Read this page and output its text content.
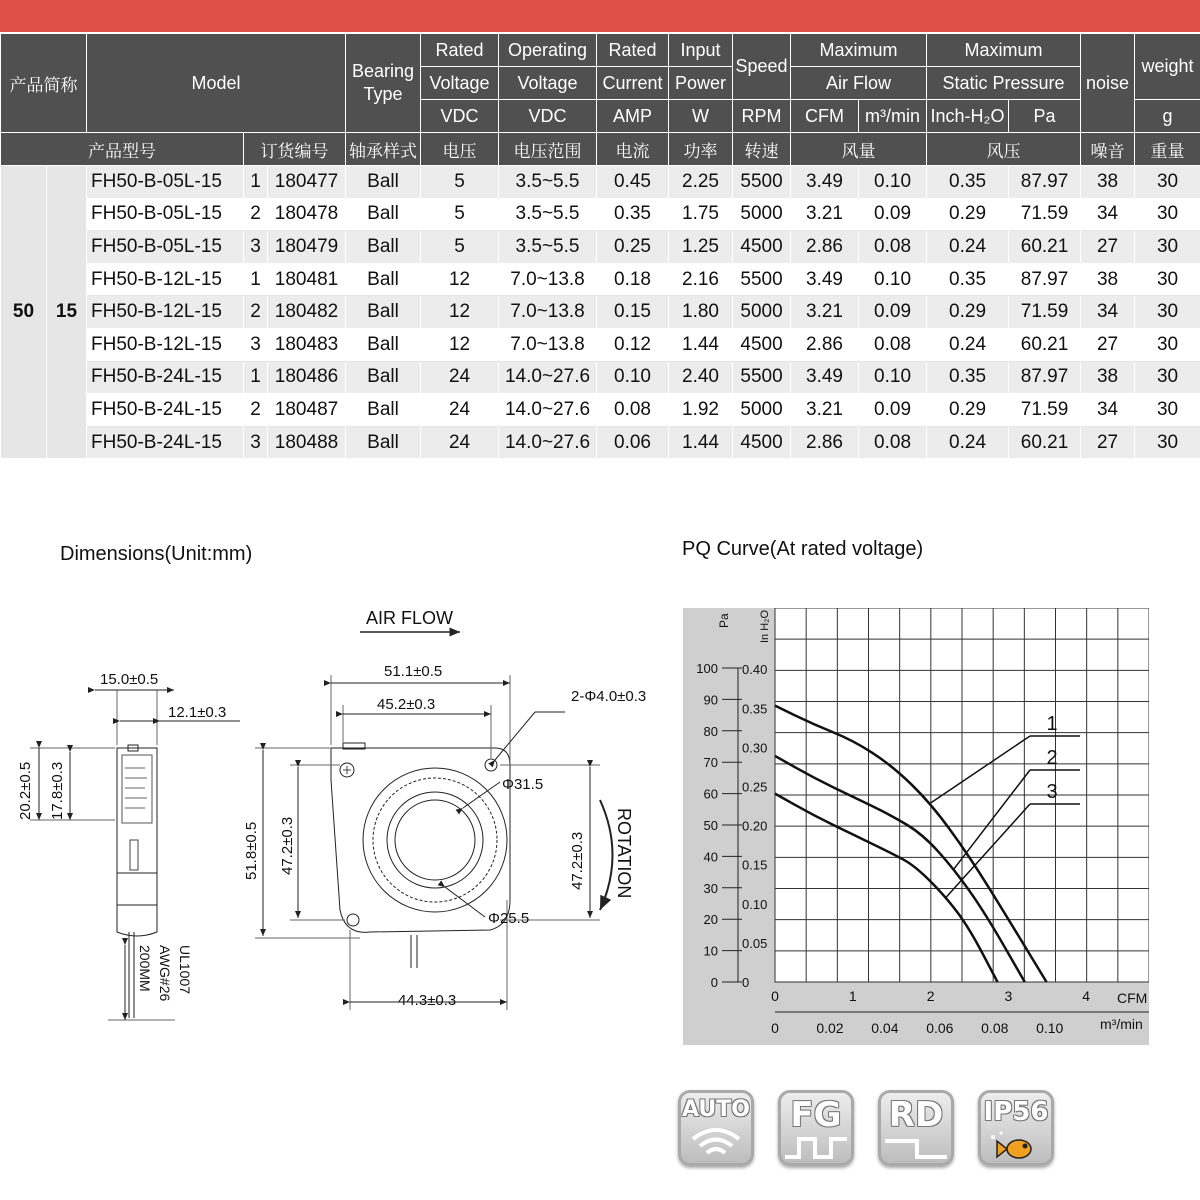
产品简称		Model			Bearing Type	Rated	Operating	Rated	Input	Speed	Maximum		Maximum		noise	weight
						Voltage	Voltage	Current	Power		Air Flow		Static Pressure			
						VDC	VDC	AMP	W	RPM	CFM	m³/min	Inch-H₂O	Pa		g
产品型号			订货编号		轴承样式	电压	电压范围	电流	功率	转速	风量		风压		噪音	重量
50	15	FH50-B-05L-15	1	180477	Ball	5	3.5~5.5	0.45	2.25	5500	3.49	0.10	0.35	87.97	38	30
		FH50-B-05L-15	2	180478	Ball	5	3.5~5.5	0.35	1.75	5000	3.21	0.09	0.29	71.59	34	30
		FH50-B-05L-15	3	180479	Ball	5	3.5~5.5	0.25	1.25	4500	2.86	0.08	0.24	60.21	27	30
		FH50-B-12L-15	1	180481	Ball	12	7.0~13.8	0.18	2.16	5500	3.49	0.10	0.35	87.97	38	30
		FH50-B-12L-15	2	180482	Ball	12	7.0~13.8	0.15	1.80	5000	3.21	0.09	0.29	71.59	34	30
		FH50-B-12L-15	3	180483	Ball	12	7.0~13.8	0.12	1.44	4500	2.86	0.08	0.24	60.21	27	30
		FH50-B-24L-15	1	180486	Ball	24	14.0~27.6	0.10	2.40	5500	3.49	0.10	0.35	87.97	38	30
		FH50-B-24L-15	2	180487	Ball	24	14.0~27.6	0.08	1.92	5000	3.21	0.09	0.29	71.59	34	30
		FH50-B-24L-15	3	180488	Ball	24	14.0~27.6	0.06	1.44	4500	2.86	0.08	0.24	60.21	27	30
Dimensions(Unit:mm)	PQ Curve(At rated voltage)
15.0±0.5
12.1±0.3
20.2±0.5 17.8±0.3
UL1007
AWG#26
200MM
AIR FLOW
ROTATION
51.1±0.5
45.2±0.3	2-Φ4.0±0.3
Φ31.5
Φ25.5
51.8±0.5 47.2±0.3	47.2±0.3
44.3±0.3
100
90
80
70
60
50
40
30
20
10
0
0.40
0.35
0.30
0.25
0.20
0.15
0.10
0.05
0
0	1	2	3	4
0	0.02 0.04 0.06 0.08 0.10
1
2
3
Pa	In H₂O
CFM
m³/min
AUTO FG RD IP56
